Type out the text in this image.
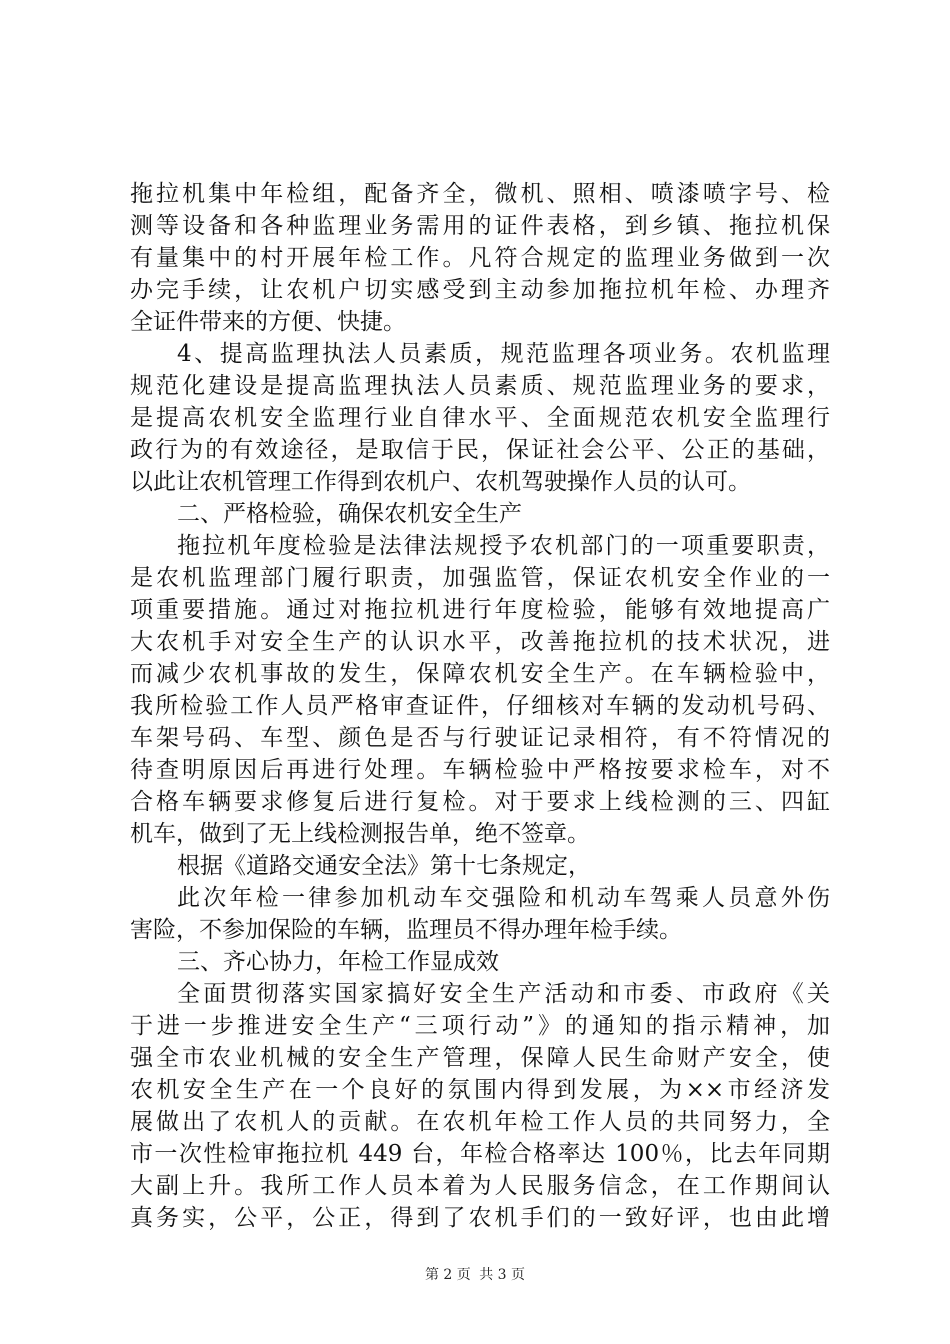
拖拉机集中年检组，配备齐全，微机、照相、喷漆喷字号、检
测等设备和各种监理业务需用的证件表格，到乡镇、拖拉机保
有量集中的村开展年检工作。凡符合规定的监理业务做到一次
办完手续，让农机户切实感受到主动参加拖拉机年检、办理齐
全证件带来的方便、快捷。
4、提高监理执法人员素质，规范监理各项业务。农机监理
规范化建设是提高监理执法人员素质、规范监理业务的要求，
是提高农机安全监理行业自律水平、全面规范农机安全监理行
政行为的有效途径，是取信于民，保证社会公平、公正的基础，
以此让农机管理工作得到农机户、农机驾驶操作人员的认可。
二、严格检验，确保农机安全生产
拖拉机年度检验是法律法规授予农机部门的一项重要职责，
是农机监理部门履行职责，加强监管，保证农机安全作业的一
项重要措施。通过对拖拉机进行年度检验，能够有效地提高广
大农机手对安全生产的认识水平，改善拖拉机的技术状况，进
而减少农机事故的发生，保障农机安全生产。在车辆检验中，
我所检验工作人员严格审查证件，仔细核对车辆的发动机号码、
车架号码、车型、颜色是否与行驶证记录相符，有不符情况的
待查明原因后再进行处理。车辆检验中严格按要求检车，对不
合格车辆要求修复后进行复检。对于要求上线检测的三、四缸
机车，做到了无上线检测报告单，绝不签章。
根据《道路交通安全法》第十七条规定，
此次年检一律参加机动车交强险和机动车驾乘人员意外伤
害险，不参加保险的车辆，监理员不得办理年检手续。
三、齐心协力，年检工作显成效
全面贯彻落实国家搞好安全生产活动和市委、市政府《关
于进一步推进安全生产“三项行动”》的通知的指示精神，加
强全市农业机械的安全生产管理，保障人民生命财产安全，使
农机安全生产在一个良好的氛围内得到发展，为××市经济发
展做出了农机人的贡献。在农机年检工作人员的共同努力，全
市一次性检审拖拉机 449 台，年检合格率达 100％，比去年同期
大副上升。我所工作人员本着为人民服务信念，在工作期间认
真务实，公平，公正，得到了农机手们的一致好评，也由此增
第 2 页 共 3 页
